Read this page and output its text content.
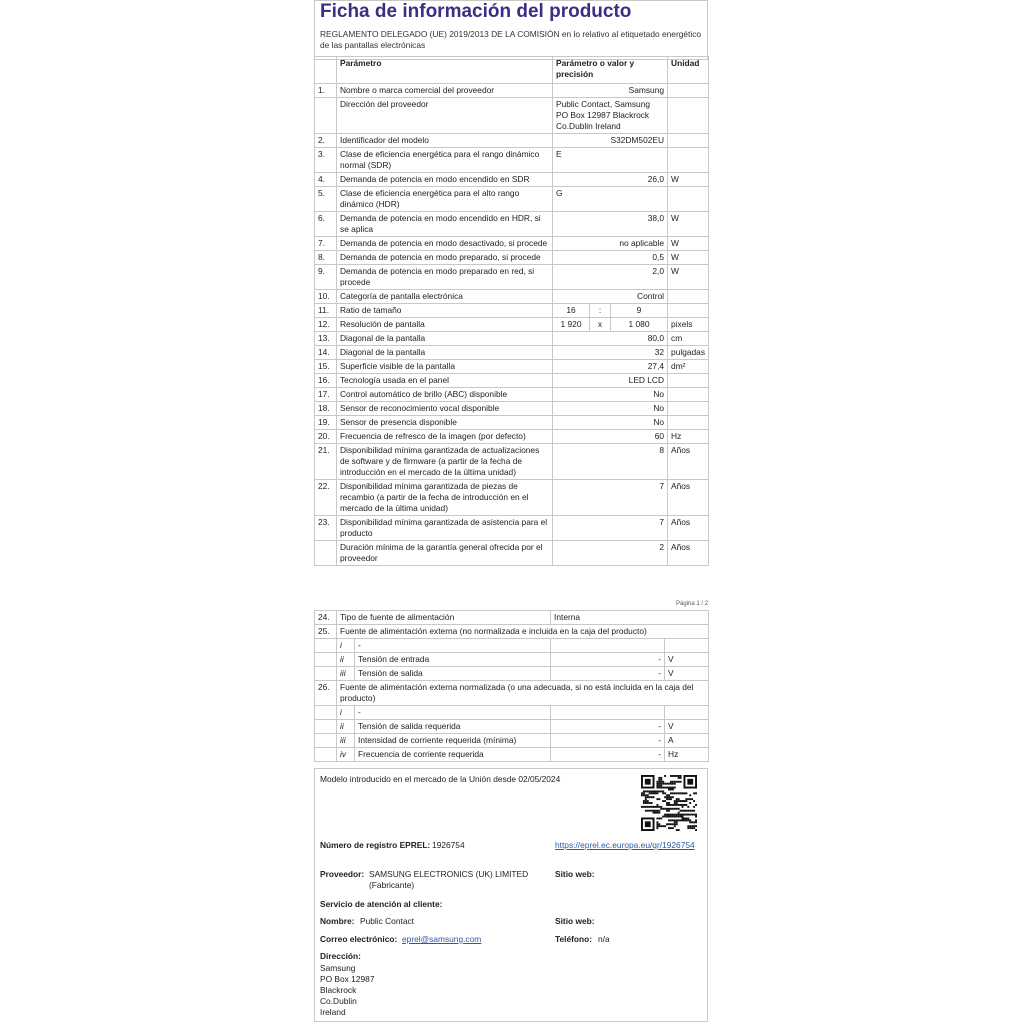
Ficha de información del producto
REGLAMENTO DELEGADO (UE) 2019/2013 DE LA COMISIÓN en lo relativo al etiquetado energético de las pantallas electrónicas
	Parámetro	Parámetro o valor y precisión			Unidad
1.	Nombre o marca comercial del proveedor	Samsung			
	Dirección del proveedor	Public Contact, Samsung PO Box 12987 Blackrock Co.Dublin Ireland			
2.	Identificador del modelo	S32DM502EU			
3.	Clase de eficiencia energética para el rango dinámico normal (SDR)	E			
4.	Demanda de potencia en modo encendido en SDR	26,0			W
5.	Clase de eficiencia energética para el alto rango dinámico (HDR)	G			
6.	Demanda de potencia en modo encendido en HDR, si se aplica	38,0			W
7.	Demanda de potencia en modo desactivado, si procede	no aplicable			W
8.	Demanda de potencia en modo preparado, si procede	0,5			W
9.	Demanda de potencia en modo preparado en red, si procede	2,0			W
10.	Categoría de pantalla electrónica	Control			
11.	Ratio de tamaño	16	:	9	
12.	Resolución de pantalla	1 920	x	1 080	pixels
13.	Diagonal de la pantalla	80,0			cm
14.	Diagonal de la pantalla	32			pulgadas
15.	Superficie visible de la pantalla	27,4			dm²
16.	Tecnología usada en el panel	LED LCD			
17.	Control automático de brillo (ABC) disponible	No			
18.	Sensor de reconocimiento vocal disponible	No			
19.	Sensor de presencia disponible	No			
20.	Frecuencia de refresco de la imagen (por defecto)	60			Hz
21.	Disponibilidad mínima garantizada de actualizaciones de software y de firmware (a partir de la fecha de introducción en el mercado de la última unidad)	8			Años
22.	Disponibilidad mínima garantizada de piezas de recambio (a partir de la fecha de introducción en el mercado de la última unidad)	7			Años
23.	Disponibilidad mínima garantizada de asistencia para el producto	7			Años
	Duración mínima de la garantía general ofrecida por el proveedor	2			Años
Página 1 / 2
24.	Tipo de fuente de alimentación		Interna	
25.	Fuente de alimentación externa (no normalizada e incluida en la caja del producto)			
	i	-		
	ii	Tensión de entrada	-	V
	iii	Tensión de salida	-	V
26.	Fuente de alimentación externa normalizada (o una adecuada, si no está incluida en la caja del producto)			
	i	-		
	ii	Tensión de salida requerida	-	V
	iii	Intensidad de corriente requerida (mínima)	-	A
	iv	Frecuencia de corriente requerida	-	Hz
Modelo introducido en el mercado de la Unión desde 02/05/2024
Número de registro EPREL: 1926754	https://eprel.ec.europa.eu/qr/1926754
Proveedor: SAMSUNG ELECTRONICS (UK) LIMITED (Fabricante)
Sitio web:
Servicio de atención al cliente:
Nombre: Public Contact	Sitio web:
Correo electrónico: eprel@samsung.com	Teléfono: n/a
Dirección:
Samsung
PO Box 12987
Blackrock
Co.Dublin
Ireland
